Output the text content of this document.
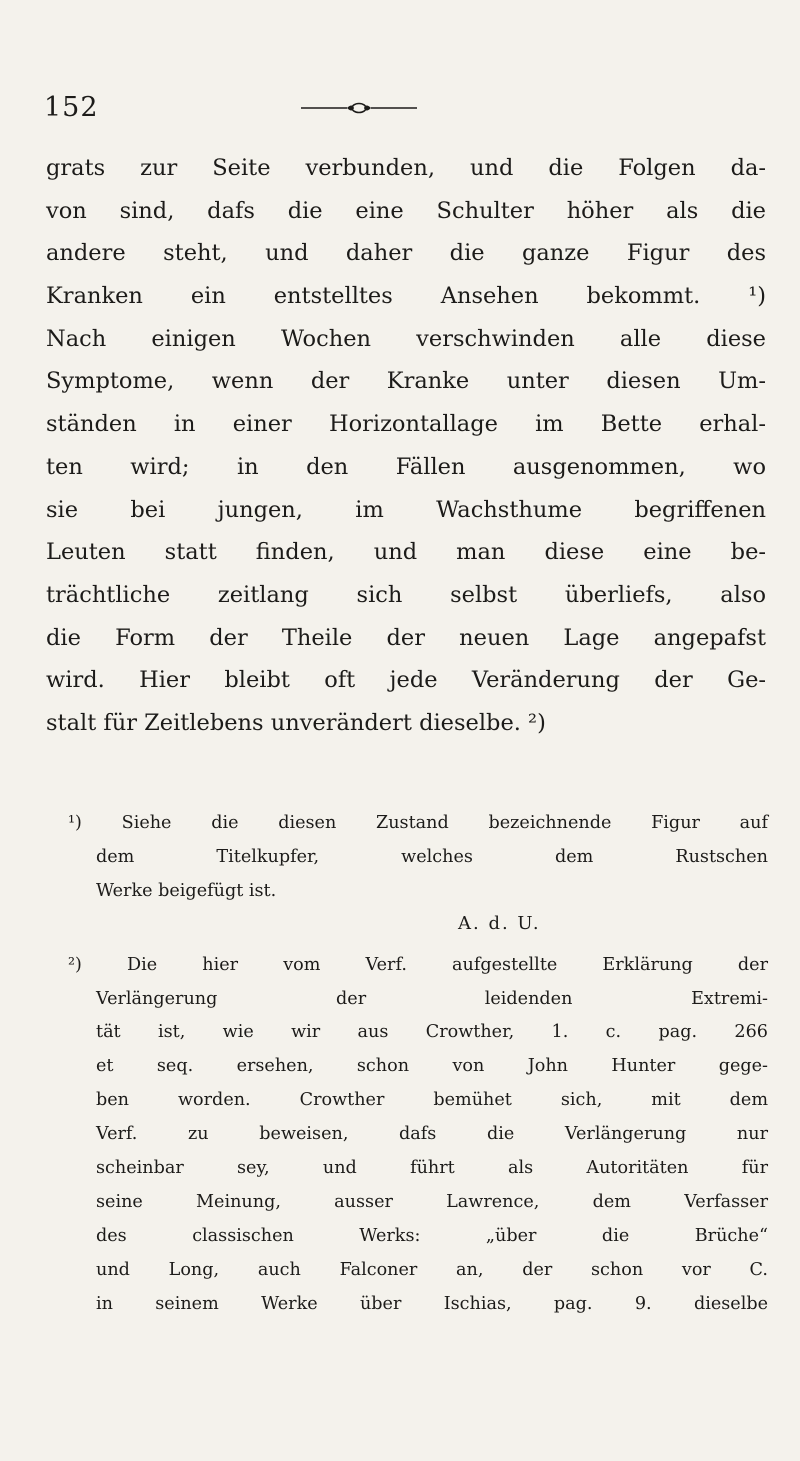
152
grats zur Seite verbunden, und die Folgen da-
von sind, dafs die eine Schulter höher als die
andere steht, und daher die ganze Figur des
Kranken ein entstelltes Ansehen bekommt. ¹)
Nach einigen Wochen verschwinden alle diese
Symptome, wenn der Kranke unter diesen Um-
ständen in einer Horizontallage im Bette erhal-
ten wird; in den Fällen ausgenommen, wo
sie bei jungen, im Wachsthume begriffenen
Leuten statt finden, und man diese eine be-
trächtliche zeitlang sich selbst überliefs, also
die Form der Theile der neuen Lage angepafst
wird. Hier bleibt oft jede Veränderung der Ge-
stalt für Zeitlebens unverändert dieselbe. ²)
¹) Siehe die diesen Zustand bezeichnende Figur auf
dem Titelkupfer, welches dem Rustschen
Werke beigefügt ist.
A. d. U.
²) Die hier vom Verf. aufgestellte Erklärung der
Verlängerung der leidenden Extremi-
tät ist, wie wir aus Crowther, 1. c. pag. 266
et seq. ersehen, schon von John Hunter gege-
ben worden. Crowther bemühet sich, mit dem
Verf. zu beweisen, dafs die Verlängerung nur
scheinbar sey, und führt als Autoritäten für
seine Meinung, ausser Lawrence, dem Verfasser
des classischen Werks: „über die Brüche“
und Long, auch Falconer an, der schon vor C.
in seinem Werke über Ischias, pag. 9. dieselbe
